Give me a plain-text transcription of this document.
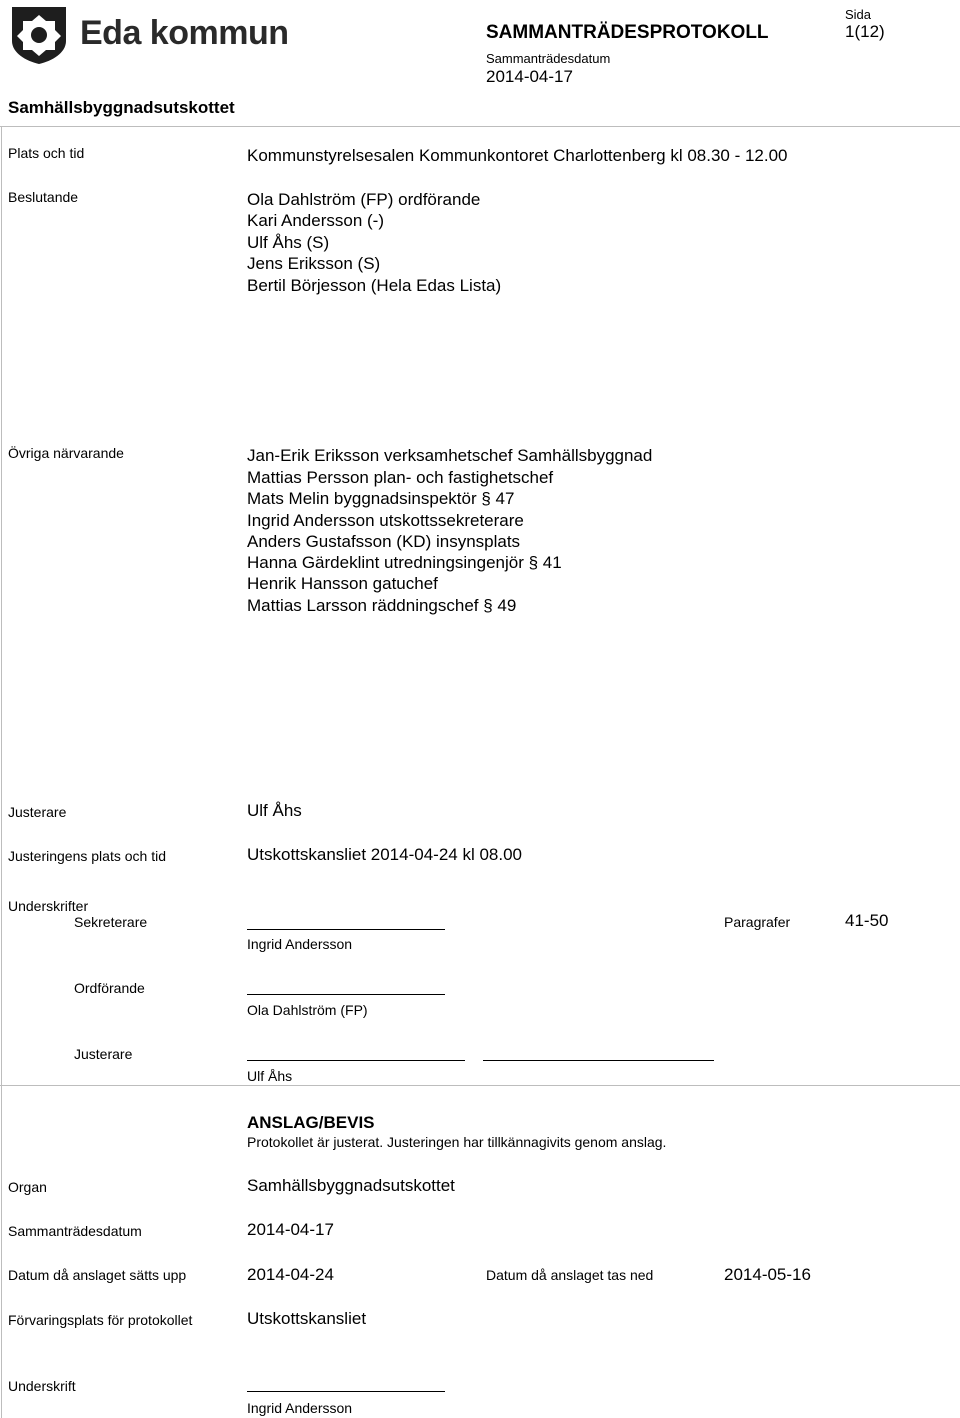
Eda kommun	SAMMANTRÄDESPROTOKOLL
Sammanträdesdatum
2014-04-17
Sida
1(12)
Samhällsbyggnadsutskottet
Plats och tid	Kommunstyrelsesalen Kommunkontoret Charlottenberg kl 08.30 - 12.00
Beslutande	Ola Dahlström (FP) ordförande
Kari Andersson (-)
Ulf Åhs (S)
Jens Eriksson (S)
Bertil Börjesson (Hela Edas Lista)
Övriga närvarande	Jan-Erik Eriksson verksamhetschef Samhällsbyggnad
Mattias Persson plan- och fastighetschef
Mats Melin byggnadsinspektör § 47
Ingrid Andersson utskottssekreterare
Anders Gustafsson (KD) insynsplats
Hanna Gärdeklint utredningsingenjör § 41
Henrik Hansson gatuchef
Mattias Larsson räddningschef § 49
Justerare	Ulf Åhs
Justeringens plats och tid	Utskottskansliet 2014-04-24 kl 08.00
Underskrifter
Sekreterare
Ingrid Andersson
Paragrafer	41-50
Ordförande
Ola Dahlström (FP)
Justerare
Ulf Åhs
ANSLAG/BEVIS
Protokollet är justerat. Justeringen har tillkännagivits genom anslag.
Organ	Samhällsbyggnadsutskottet
Sammanträdesdatum	2014-04-17
Datum då anslaget sätts upp	2014-04-24	Datum då anslaget tas ned	2014-05-16
Förvaringsplats för protokollet	Utskottskansliet
Underskrift
Ingrid Andersson
